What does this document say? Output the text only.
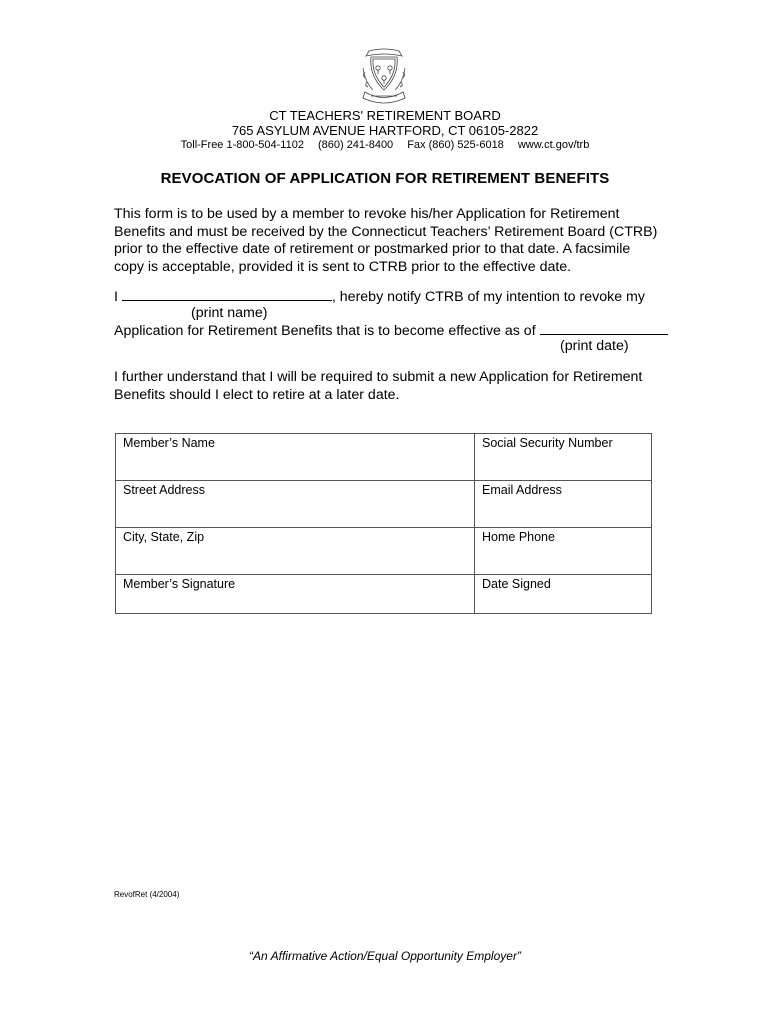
CT TEACHERS' RETIREMENT BOARD
765 ASYLUM AVENUE HARTFORD, CT 06105-2822
Toll-Free 1-800-504-1102 (860) 241-8400 Fax (860) 525-6018 www.ct.gov/trb
REVOCATION OF APPLICATION FOR RETIREMENT BENEFITS
This form is to be used by a member to revoke his/her Application for Retirement Benefits and must be received by the Connecticut Teachers’ Retirement Board (CTRB) prior to the effective date of retirement or postmarked prior to that date. A facsimile copy is acceptable, provided it is sent to CTRB prior to the effective date.
I	, hereby notify CTRB of my intention to revoke my
(print name)
Application for Retirement Benefits that is to become effective as of
(print date)
I further understand that I will be required to submit a new Application for Retirement Benefits should I elect to retire at a later date.
Member’s Name	Social Security Number
Street Address	Email Address
City, State, Zip	Home Phone
Member’s Signature	Date Signed
RevofRet (4/2004)
“An Affirmative Action/Equal Opportunity Employer”
